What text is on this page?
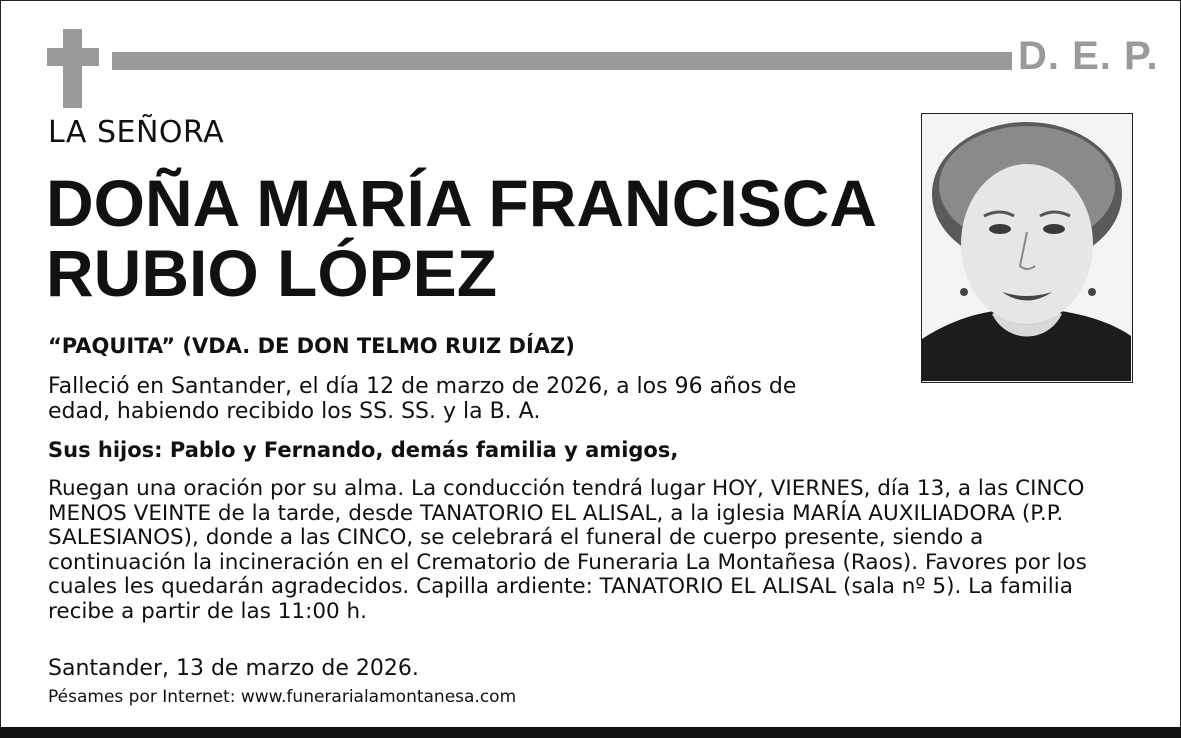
D. E. P.
LA SEÑORA
DOÑA MARÍA FRANCISCA
RUBIO LÓPEZ
“PAQUITA” (VDA. DE DON TELMO RUIZ DÍAZ)
Falleció en Santander, el día 12 de marzo de 2026, a los 96 años de edad, habiendo recibido los SS. SS. y la B. A.
Sus hijos: Pablo y Fernando, demás familia y amigos,
Ruegan una oración por su alma. La conducción tendrá lugar HOY, VIERNES, día 13, a las CINCO MENOS VEINTE de la tarde, desde TANATORIO EL ALISAL, a la iglesia MARÍA AUXILIADORA (P.P. SALESIANOS), donde a las CINCO, se celebrará el funeral de cuerpo presente, siendo a continuación la incineración en el Crematorio de Funeraria La Montañesa (Raos). Favores por los cuales les quedarán agradecidos. Capilla ardiente: TANATORIO EL ALISAL (sala nº 5). La familia recibe a partir de las 11:00 h.
Santander, 13 de marzo de 2026.
Pésames por Internet: www.funerarialamontanesa.com
